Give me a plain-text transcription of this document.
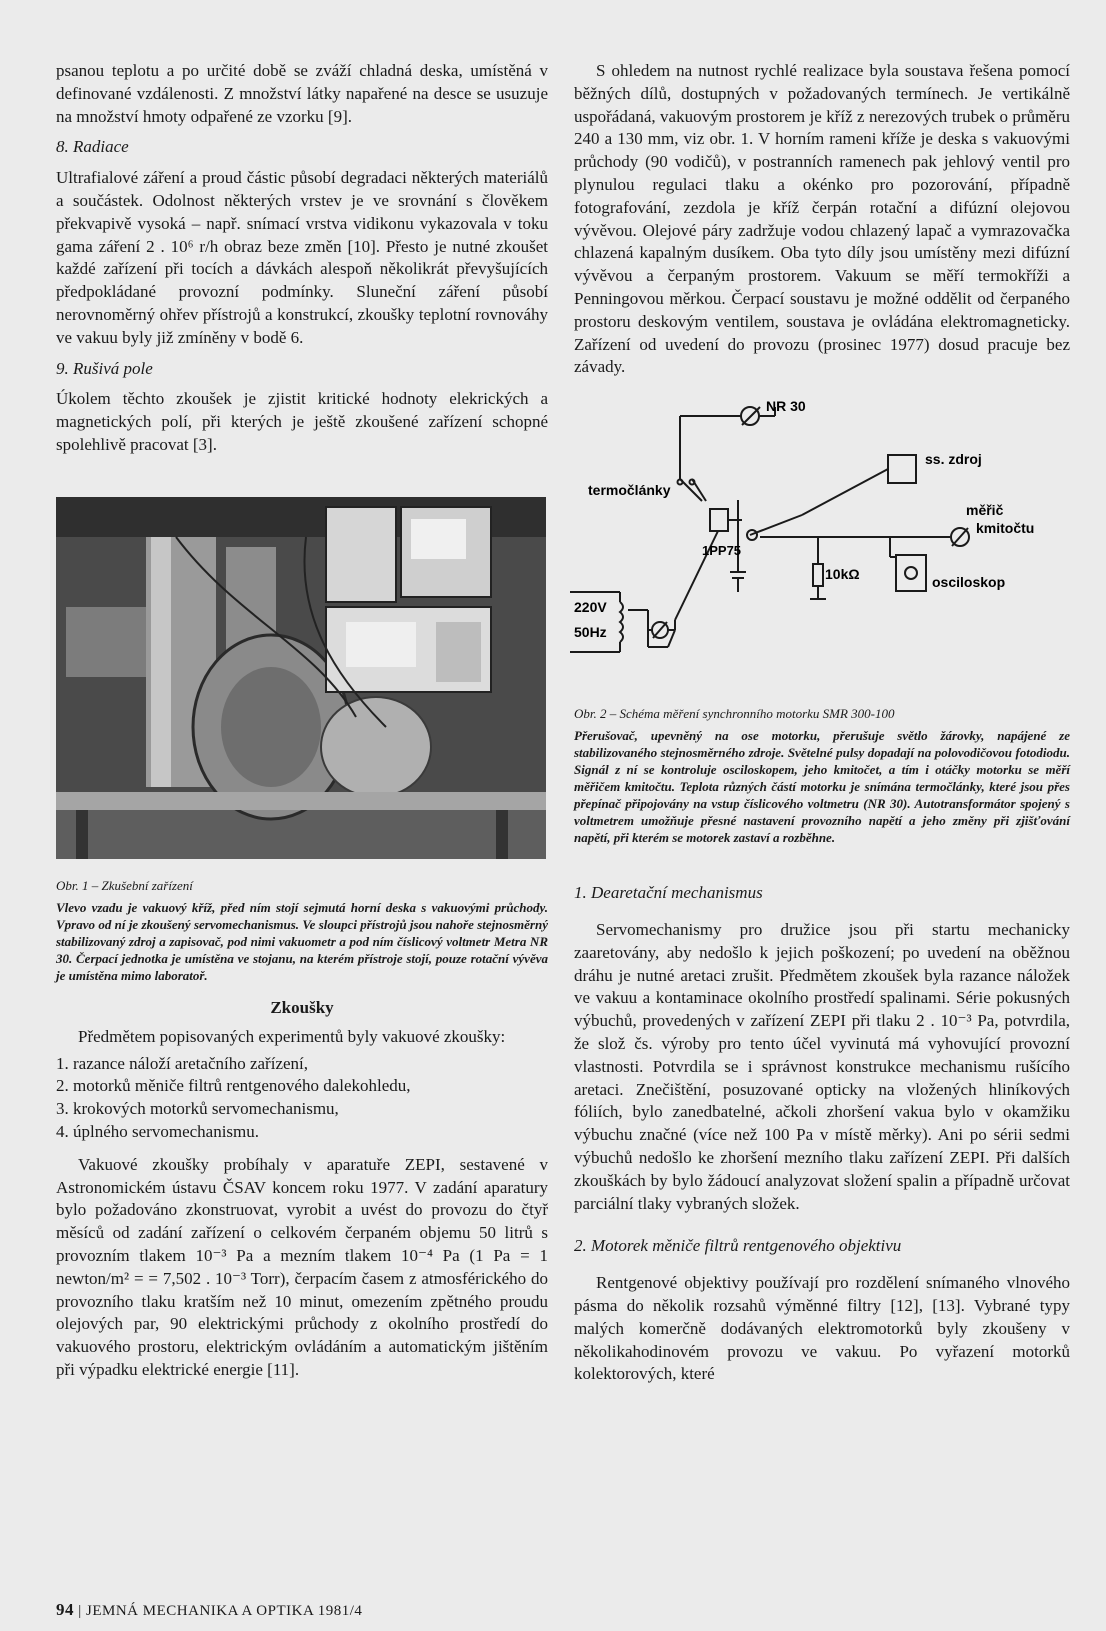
psanou teplotu a po určité době se zváží chladná deska, umístěná v definované vzdálenosti. Z množství látky napařené na desce se usuzuje na množství hmoty odpařené ze vzorku [9].

8. Radiace

Ultrafialové záření a proud částic působí degradaci některých materiálů a součástek. Odolnost některých vrstev je ve srovnání s člověkem překvapivě vysoká – např. snímací vrstva vidikonu vykazovala v toku gama záření 2 . 10⁶ r/h obraz beze změn [10]. Přesto je nutné zkoušet každé zařízení při tocích a dávkách alespoň několikrát převyšujících předpokládané provozní podmínky. Sluneční záření působí nerovnoměrný ohřev přístrojů a konstrukcí, zkoušky teplotní rovnováhy ve vakuu byly již zmíněny v bodě 6.

9. Rušivá pole

Úkolem těchto zkoušek je zjistit kritické hodnoty elekrických a magnetických polí, při kterých je ještě zkoušené zařízení schopné spolehlivě pracovat [3].

Obr. 1 – Zkušební zařízení

Vlevo vzadu je vakuový kříž, před ním stojí sejmutá horní deska s vakuovými průchody. Vpravo od ní je zkoušený servomechanismus. Ve sloupci přístrojů jsou nahoře stejnosměrný stabilizovaný zdroj a zapisovač, pod nimi vakuometr a pod ním číslicový voltmetr Metra NR 30. Čerpací jednotka je umístěna ve stojanu, na kterém přístroje stojí, pouze rotační vývěva je umístěna mimo laboratoř.

Zkoušky

Předmětem popisovaných experimentů byly vakuové zkoušky:

1. razance náloží aretačního zařízení,
2. motorků měniče filtrů rentgenového dalekohledu,
3. krokových motorků servomechanismu,
4. úplného servomechanismu.

Vakuové zkoušky probíhaly v aparatuře ZEPI, sestavené v Astronomickém ústavu ČSAV koncem roku 1977. V zadání aparatury bylo požadováno zkonstruovat, vyrobit a uvést do provozu do čtyř měsíců od zadání zařízení o celkovém čerpaném objemu 50 litrů s provozním tlakem 10⁻³ Pa a mezním tlakem 10⁻⁴ Pa (1 Pa = 1 newton/m² = = 7,502 . 10⁻³ Torr), čerpacím časem z atmosférického do provozního tlaku kratším než 10 minut, omezením zpětného proudu olejových par, 90 elektrickými průchody z okolního prostředí do vakuového prostoru, elektrickým ovládáním a automatickým jištěním při výpadku elektrické energie [11].

S ohledem na nutnost rychlé realizace byla soustava řešena pomocí běžných dílů, dostupných v požadovaných termínech. Je vertikálně uspořádaná, vakuovým prostorem je kříž z nerezových trubek o průměru 240 a 130 mm, viz obr. 1. V horním rameni kříže je deska s vakuovými průchody (90 vodičů), v postranních ramenech pak jehlový ventil pro plynulou regulaci tlaku a okénko pro pozorování, případně fotografování, zezdola je kříž čerpán rotační a difúzní olejovou vývěvou. Olejové páry zadržuje vodou chlazený lapač a vymrazovačka chlazená kapalným dusíkem. Oba tyto díly jsou umístěny mezi difúzní vývěvou a čerpaným prostorem. Vakuum se měří termokříži a Penningovou měrkou. Čerpací soustavu je možné oddělit od čerpaného prostoru deskovým ventilem, soustava je ovládána elektromagneticky. Zařízení od uvedení do provozu (prosinec 1977) dosud pracuje bez závady.

NR 30
ss. zdroj
termočlánky
měřič
kmitočtu
1PP75
10kΩ	osciloskop
220V
50Hz

Obr. 2 – Schéma měření synchronního motorku SMR 300-100

Přerušovač, upevněný na ose motorku, přerušuje světlo žárovky, napájené ze stabilizovaného stejnosměrného zdroje. Světelné pulsy dopadají na polovodičovou fotodiodu. Signál z ní se kontroluje osciloskopem, jeho kmitočet, a tím i otáčky motorku se měří měřičem kmitočtu. Teplota různých částí motorku je snímána termočlánky, které jsou přes přepínač připojovány na vstup číslicového voltmetru (NR 30). Autotransformátor spojený s voltmetrem umožňuje přesné nastavení provozního napětí a jeho změny při zjišťování napětí, při kterém se motorek zastaví a rozběhne.

1. Dearetační mechanismus

Servomechanismy pro družice jsou při startu mechanicky zaaretovány, aby nedošlo k jejich poškození; po uvedení na oběžnou dráhu je nutné aretaci zrušit. Předmětem zkoušek byla razance náložek ve vakuu a kontaminace okolního prostředí spalinami. Série pokusných výbuchů, provedených v zařízení ZEPI při tlaku 2 . 10⁻³ Pa, potvrdila, že slož čs. výroby pro tento účel vyvinutá má vyhovující provozní vlastnosti. Potvrdila se i správnost konstrukce mechanismu rušícího aretaci. Znečištění, posuzované opticky na vložených hliníkových fóliích, bylo zanedbatelné, ačkoli zhoršení vakua bylo v okamžiku výbuchu značné (více než 100 Pa v místě měrky). Ani po sérii sedmi výbuchů nedošlo ke zhoršení mezního tlaku zařízení ZEPI. Při dalších zkouškách by bylo žádoucí analyzovat složení spalin a případně určovat parciální tlaky vybraných složek.

2. Motorek měniče filtrů rentgenového objektivu

Rentgenové objektivy používají pro rozdělení snímaného vlnového pásma do několik rozsahů výměnné filtry [12], [13]. Vybrané typy malých komerčně dodávaných elektromotorků byly zkoušeny v několikahodinovém provozu ve vakuu. Po vyřazení motorků kolektorových, které

94 | JEMNÁ MECHANIKA A OPTIKA 1981/4
